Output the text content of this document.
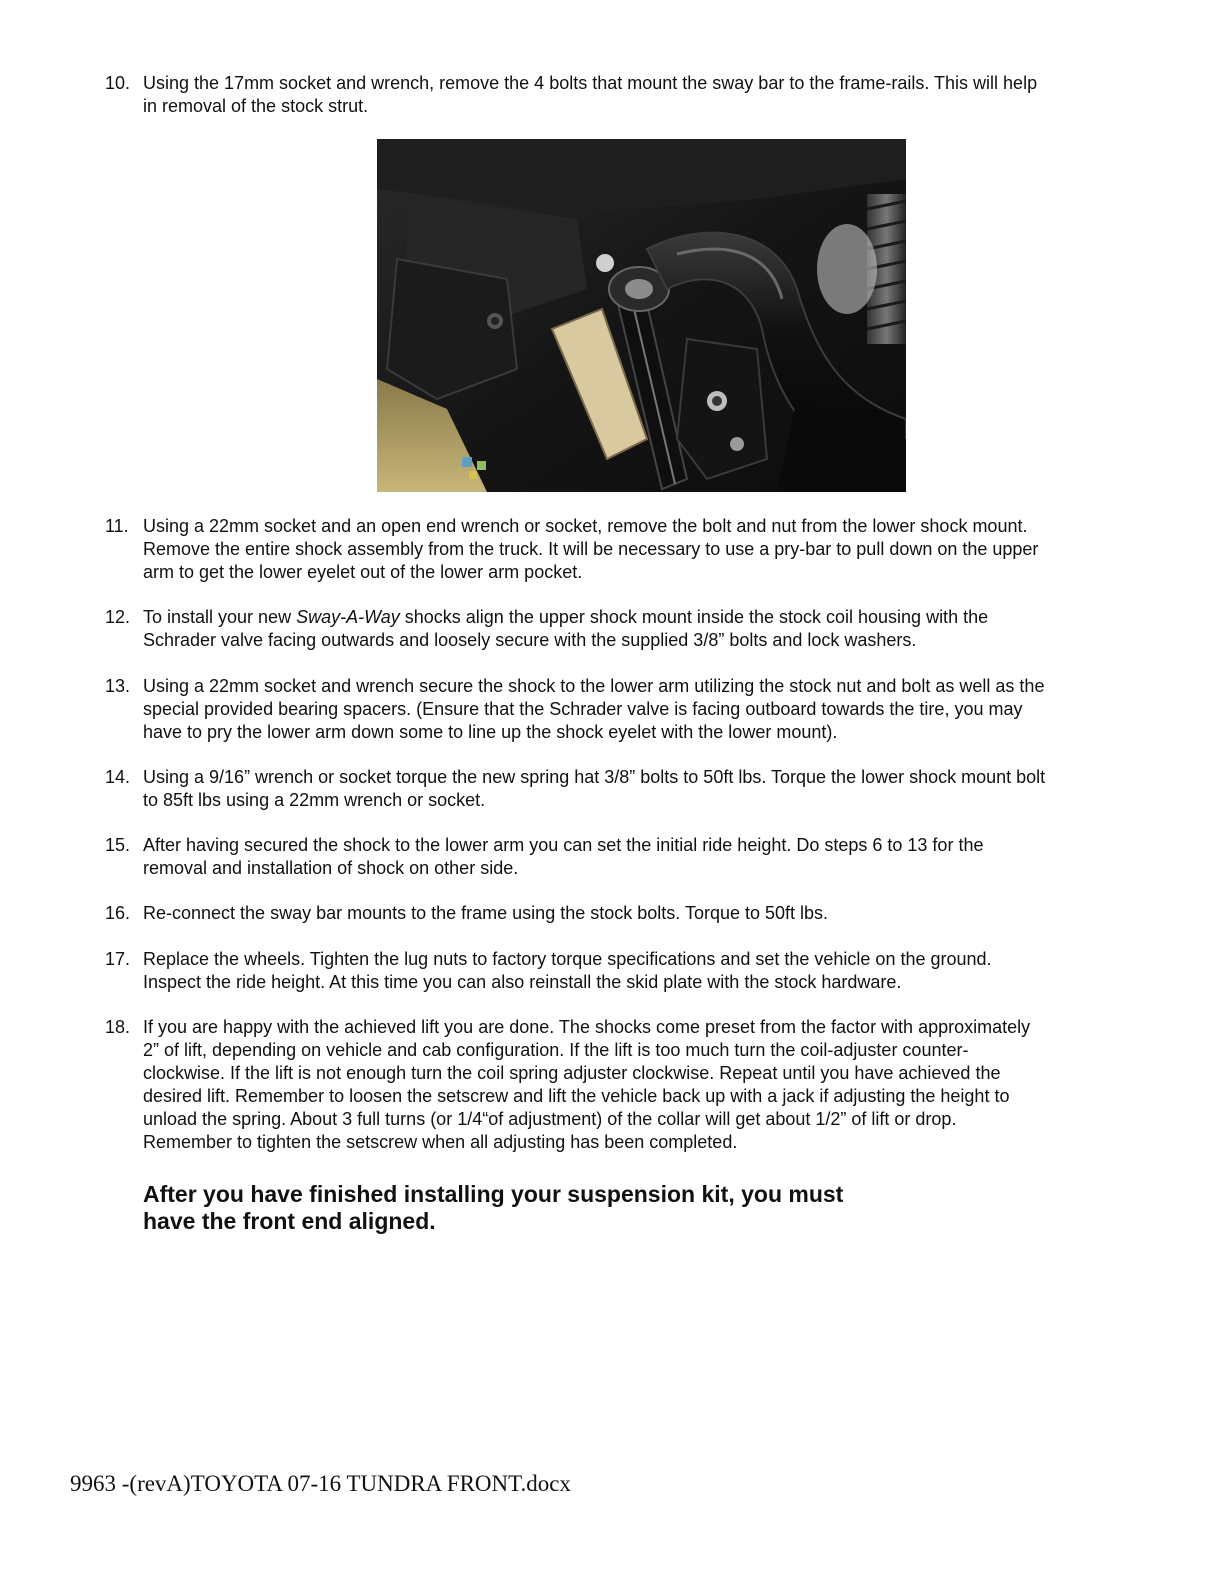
10. Using the 17mm socket and wrench, remove the 4 bolts that mount the sway bar to the frame-rails. This will help
in removal of the stock strut.
11. Using a 22mm socket and an open end wrench or socket, remove the bolt and nut from the lower shock mount.
Remove the entire shock assembly from the truck. It will be necessary to use a pry-bar to pull down on the upper
arm to get the lower eyelet out of the lower arm pocket.
12. To install your new Sway-A-Way shocks align the upper shock mount inside the stock coil housing with the
Schrader valve facing outwards and loosely secure with the supplied 3/8” bolts and lock washers.
13. Using a 22mm socket and wrench secure the shock to the lower arm utilizing the stock nut and bolt as well as the
special provided bearing spacers. (Ensure that the Schrader valve is facing outboard towards the tire, you may
have to pry the lower arm down some to line up the shock eyelet with the lower mount).
14. Using a 9/16” wrench or socket torque the new spring hat 3/8” bolts to 50ft lbs. Torque the lower shock mount bolt
to 85ft lbs using a 22mm wrench or socket.
15. After having secured the shock to the lower arm you can set the initial ride height. Do steps 6 to 13 for the
removal and installation of shock on other side.
16. Re-connect the sway bar mounts to the frame using the stock bolts. Torque to 50ft lbs.
17. Replace the wheels. Tighten the lug nuts to factory torque specifications and set the vehicle on the ground.
Inspect the ride height. At this time you can also reinstall the skid plate with the stock hardware.
18. If you are happy with the achieved lift you are done. The shocks come preset from the factor with approximately
2” of lift, depending on vehicle and cab configuration. If the lift is too much turn the coil-adjuster counter-
clockwise. If the lift is not enough turn the coil spring adjuster clockwise. Repeat until you have achieved the
desired lift. Remember to loosen the setscrew and lift the vehicle back up with a jack if adjusting the height to
unload the spring. About 3 full turns (or 1/4“of adjustment) of the collar will get about 1/2” of lift or drop.
Remember to tighten the setscrew when all adjusting has been completed.
After you have finished installing your suspension kit, you must
have the front end aligned.
9963 -(revA)TOYOTA 07-16 TUNDRA FRONT.docx
